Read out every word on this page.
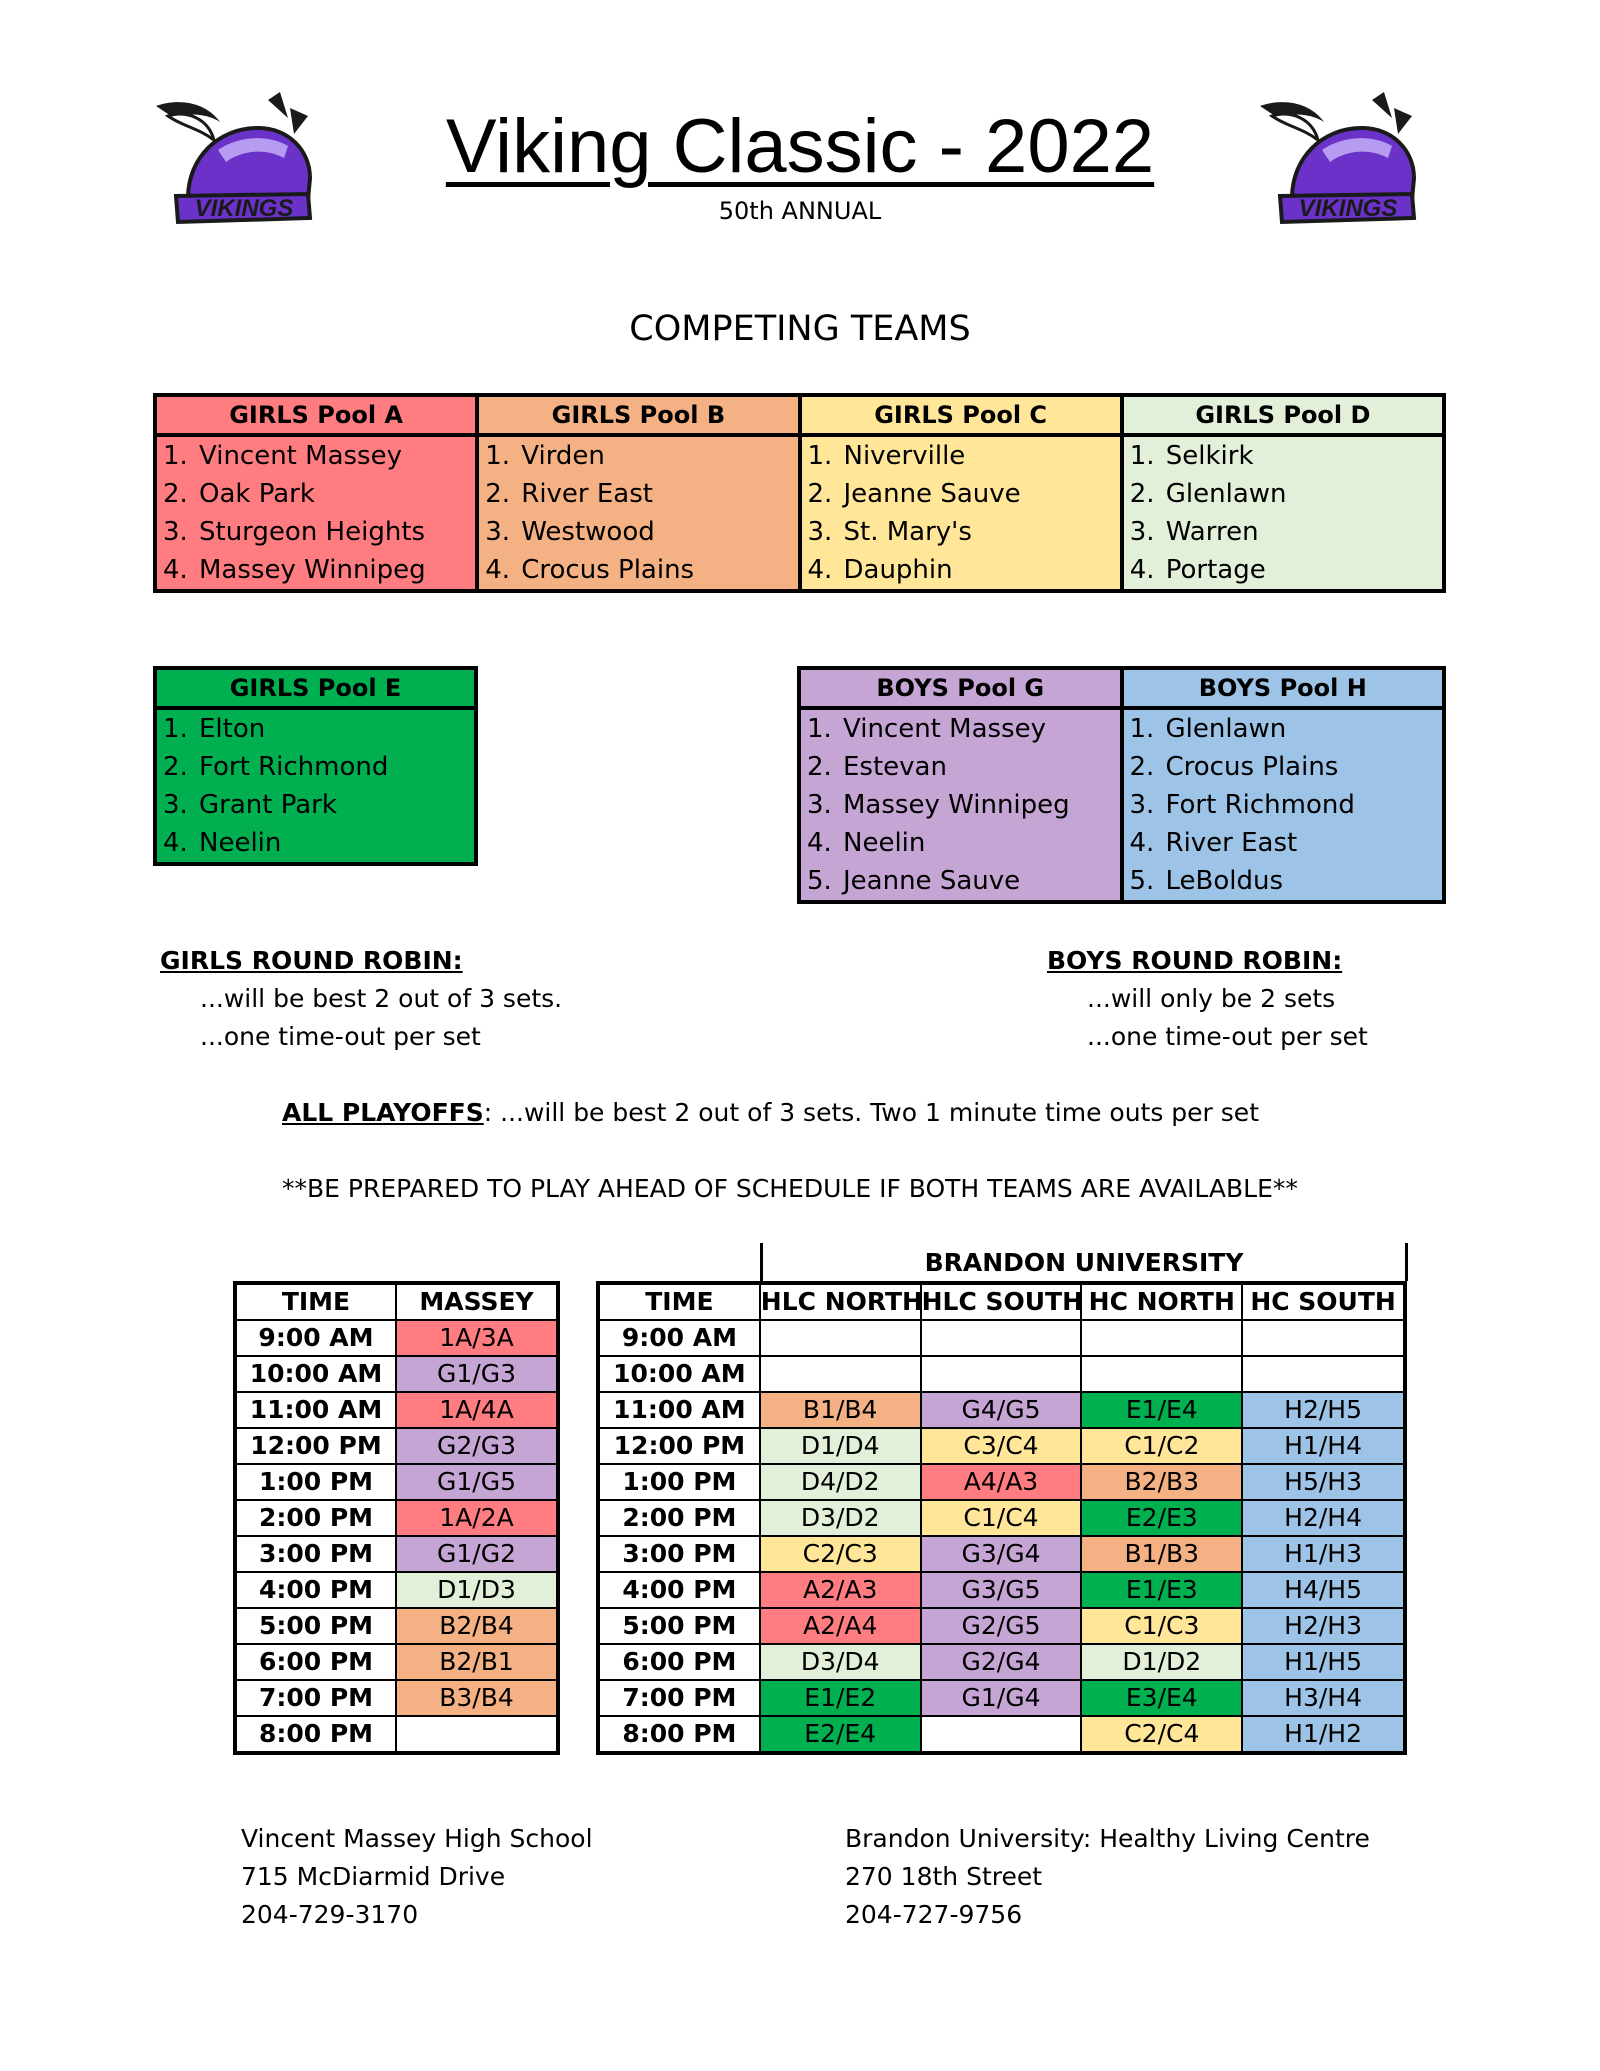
VIKINGS	VIKINGS
Viking Classic - 2022
50th ANNUAL
COMPETING TEAMS
GIRLS Pool A	GIRLS Pool B	GIRLS Pool C	GIRLS Pool D
1. Vincent Massey	1. Virden	1. Niverville	1. Selkirk
2. Oak Park	2. River East	2. Jeanne Sauve	2. Glenlawn
3. Sturgeon Heights	3. Westwood	3. St. Mary's	3. Warren
4. Massey Winnipeg	4. Crocus Plains	4. Dauphin	4. Portage
GIRLS Pool E
1. Elton
2. Fort Richmond
3. Grant Park
4. Neelin
BOYS Pool G	BOYS Pool H
1. Vincent Massey	1. Glenlawn
2. Estevan	2. Crocus Plains
3. Massey Winnipeg	3. Fort Richmond
4. Neelin	4. River East
5. Jeanne Sauve	5. LeBoldus
GIRLS ROUND ROBIN:
...will be best 2 out of 3 sets.
...one time-out per set
BOYS ROUND ROBIN:
...will only be 2 sets
...one time-out per set
ALL PLAYOFFS: ...will be best 2 out of 3 sets. Two 1 minute time outs per set
**BE PREPARED TO PLAY AHEAD OF SCHEDULE IF BOTH TEAMS ARE AVAILABLE**
TIME	MASSEY
9:00 AM	1A/3A
10:00 AM	G1/G3
11:00 AM	1A/4A
12:00 PM	G2/G3
1:00 PM	G1/G5
2:00 PM	1A/2A
3:00 PM	G1/G2
4:00 PM	D1/D3
5:00 PM	B2/B4
6:00 PM	B2/B1
7:00 PM	B3/B4
8:00 PM	
BRANDON UNIVERSITY
TIME	HLC NORTH	HLC SOUTH	HC NORTH	HC SOUTH
9:00 AM				
10:00 AM				
11:00 AM	B1/B4	G4/G5	E1/E4	H2/H5
12:00 PM	D1/D4	C3/C4	C1/C2	H1/H4
1:00 PM	D4/D2	A4/A3	B2/B3	H5/H3
2:00 PM	D3/D2	C1/C4	E2/E3	H2/H4
3:00 PM	C2/C3	G3/G4	B1/B3	H1/H3
4:00 PM	A2/A3	G3/G5	E1/E3	H4/H5
5:00 PM	A2/A4	G2/G5	C1/C3	H2/H3
6:00 PM	D3/D4	G2/G4	D1/D2	H1/H5
7:00 PM	E1/E2	G1/G4	E3/E4	H3/H4
8:00 PM	E2/E4		C2/C4	H1/H2
Vincent Massey High School
715 McDiarmid Drive
204-729-3170
Brandon University: Healthy Living Centre
270 18th Street
204-727-9756
